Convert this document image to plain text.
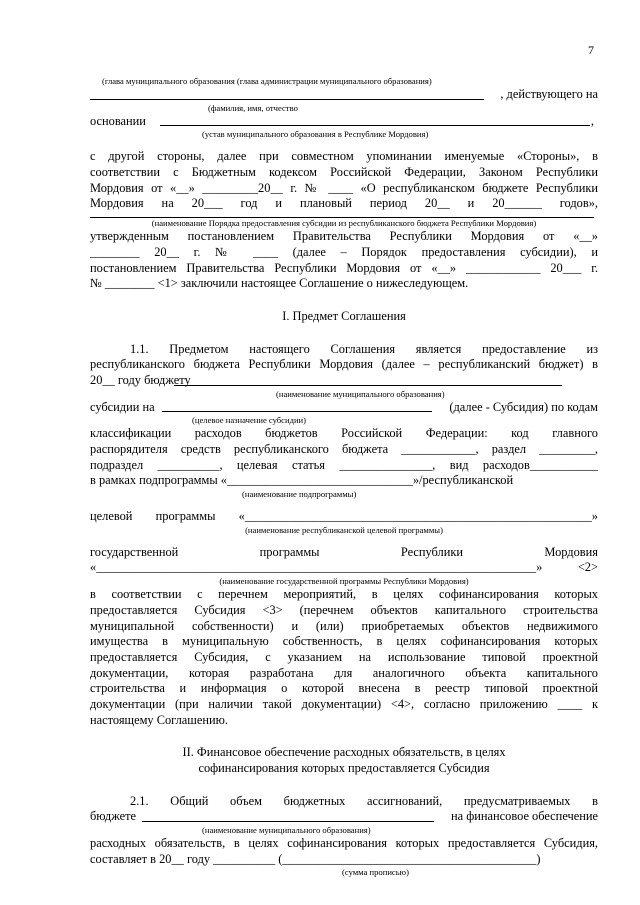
7
(глава муниципального образования (глава администрации муниципального образования)
, действующего на
(фамилия, имя, отчество
основании	,
(устав муниципального образования в Республике Мордовия)
с другой стороны, далее при совместном упоминании именуемые «Стороны», в
соответствии с Бюджетным кодексом Российской Федерации, Законом Республики
Мордовия от «__» _________20__ г. № ____ «О республиканском бюджете Республики
Мордовия на 20___ год и плановый период 20__ и 20______ годов»,
(наименование Порядка предоставления субсидии из республиканского бюджета Республики Мордовия)
утвержденным постановлением Правительства Республики Мордовия от «__»
________ 20__ г. № ____ (далее – Порядок предоставления субсидии), и
постановлением Правительства Республики Мордовия от «__» ____________ 20___ г.
№ ________ <1> заключили настоящее Соглашение о нижеследующем.
I. Предмет Соглашения
1.1. Предметом настоящего Соглашения является предоставление из
республиканского бюджета Республики Мордовия (далее – республиканский бюджет) в
20__ году бюджету
(наименование муниципального образования)
субсидии на	(далее - Субсидия) по кодам
(целевое назначение субсидии)
классификации расходов бюджетов Российской Федерации: код главного
распорядителя средств республиканского бюджета ____________, раздел _________,
подраздел __________, целевая статья _______________, вид расходов___________
в рамках подпрограммы «______________________________»/республиканской
(наименование подпрограммы)
целевой программы «________________________________________________________»
(наименование республиканской целевой программы)
государственной программы Республики Мордовия
«_______________________________________________________________________» <2>
(наименование государственной программы Республики Мордовия)
в соответствии с перечнем мероприятий, в целях софинансирования которых
предоставляется Субсидия <3> (перечнем объектов капитального строительства
муниципальной собственности) и (или) приобретаемых объектов недвижимого
имущества в муниципальную собственность, в целях софинансирования которых
предоставляется Субсидия, с указанием на использование типовой проектной
документации, которая разработана для аналогичного объекта капитального
строительства и информация о которой внесена в реестр типовой проектной
документации (при наличии такой документации) <4>, согласно приложению ____ к
настоящему Соглашению.
II. Финансовое обеспечение расходных обязательств, в целях
софинансирования которых предоставляется Субсидия
2.1. Общий объем бюджетных ассигнований, предусматриваемых в
бюджете	на финансовое обеспечение
(наименование муниципального образования)
расходных обязательств, в целях софинансирования которых предоставляется Субсидия,
составляет в 20__ году __________ (_________________________________________)
(сумма прописью)
